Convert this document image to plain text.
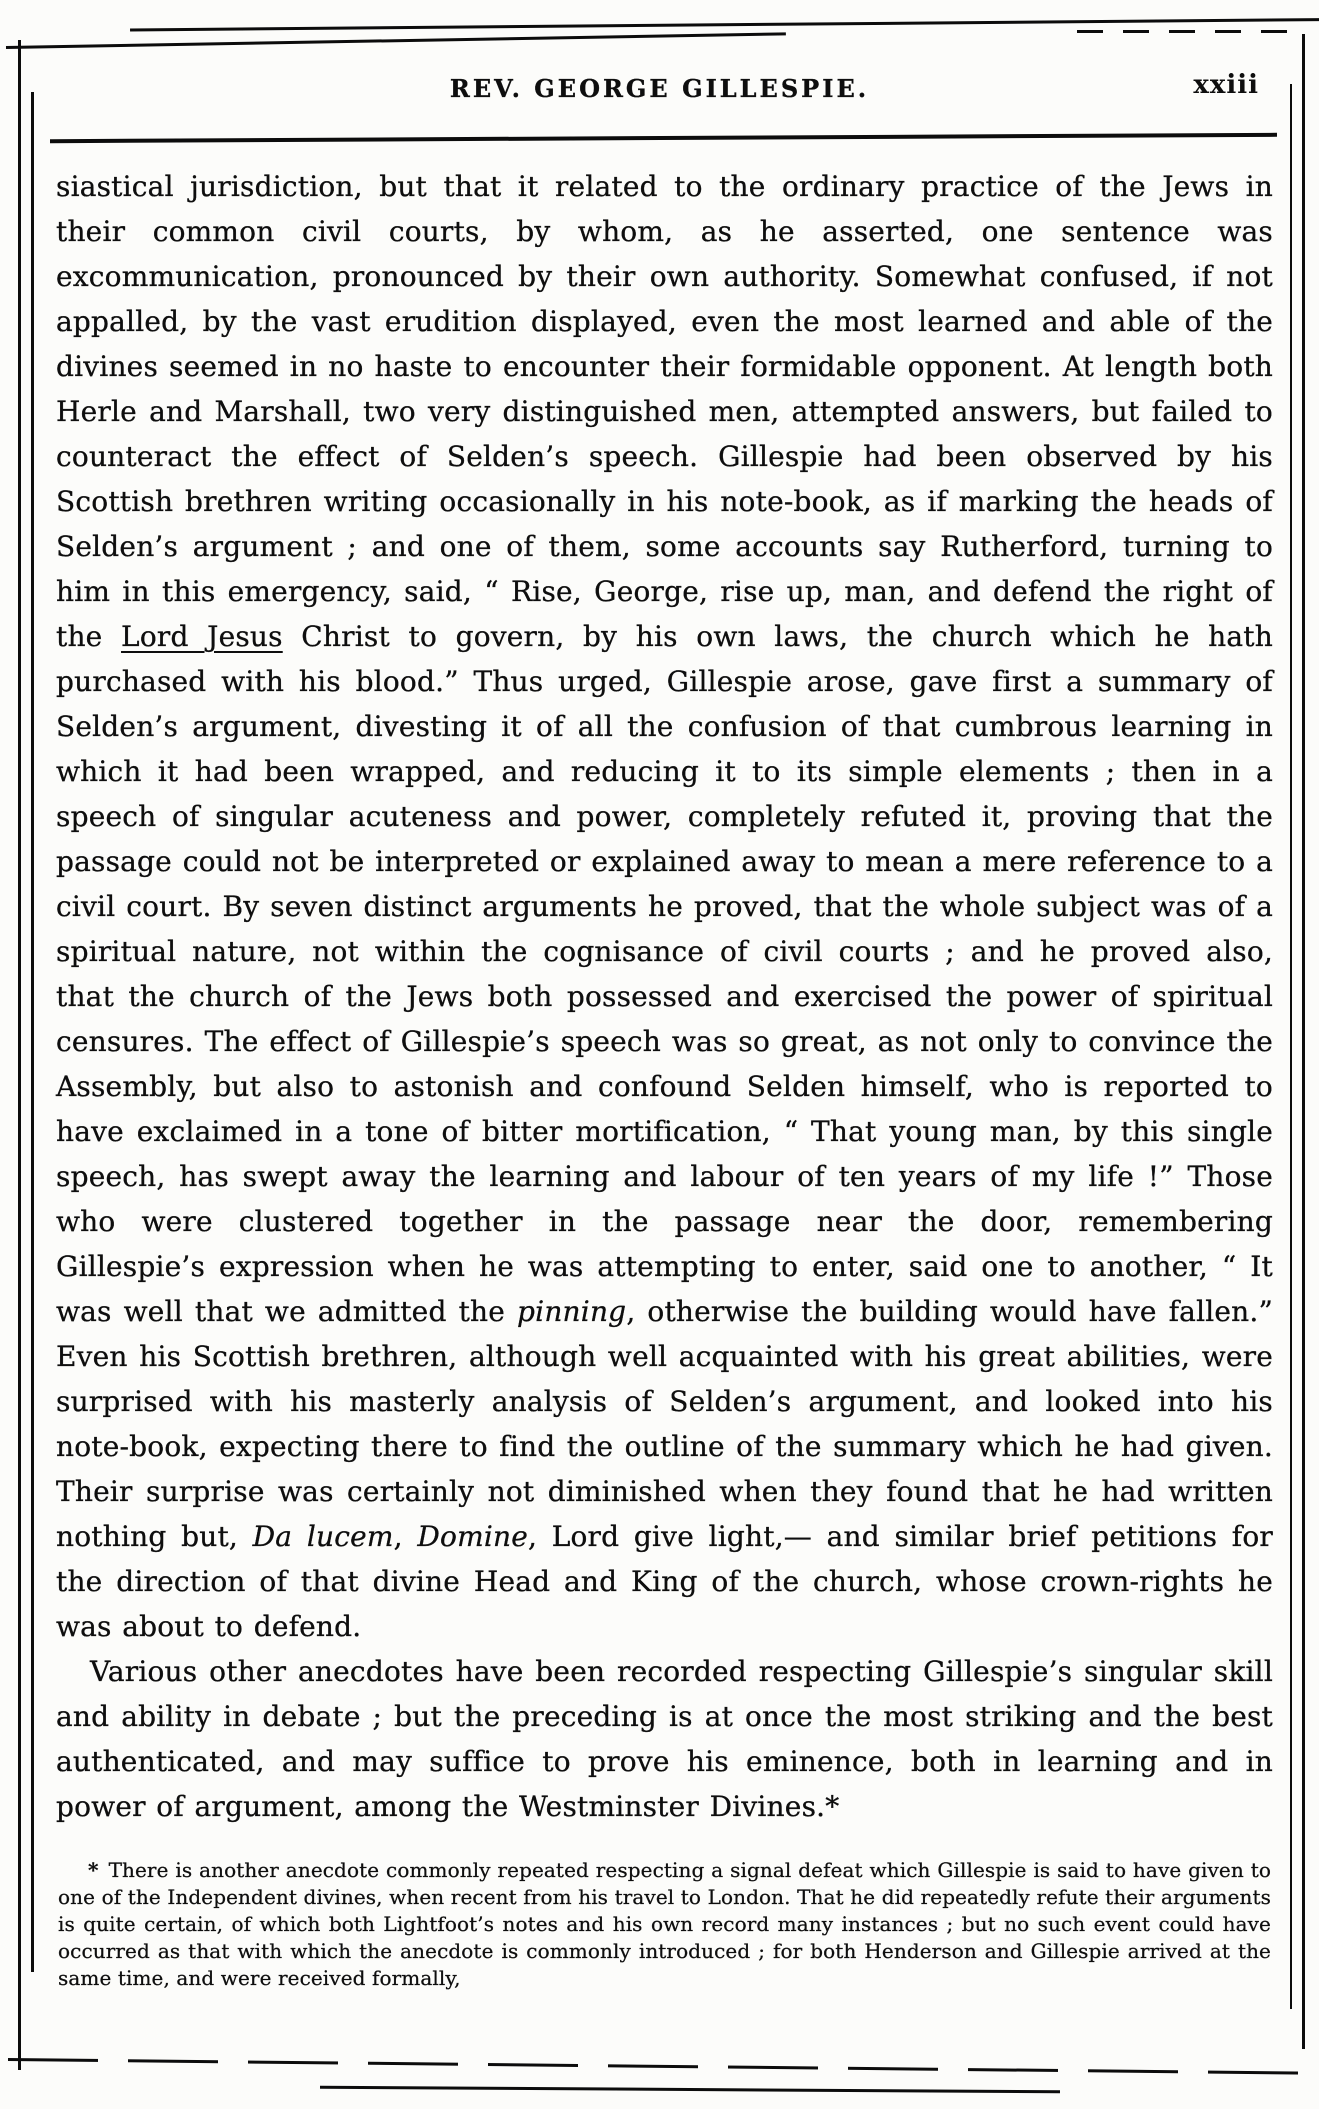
REV. GEORGE GILLESPIE.	xxiii

siastical jurisdiction, but that it related to the ordinary practice of the Jews in their common civil courts, by whom, as he asserted, one sentence was excommunication, pronounced by their own authority. Somewhat confused, if not appalled, by the vast erudition displayed, even the most learned and able of the divines seemed in no haste to encounter their formidable opponent. At length both Herle and Marshall, two very distinguished men, attempted answers, but failed to counteract the effect of Selden’s speech. Gillespie had been observed by his Scottish brethren writing occasionally in his note-book, as if marking the heads of Selden’s argument ; and one of them, some accounts say Rutherford, turning to him in this emergency, said, “ Rise, George, rise up, man, and defend the right of the Lord Jesus Christ to govern, by his own laws, the church which he hath purchased with his blood.” Thus urged, Gillespie arose, gave first a summary of Selden’s argument, divesting it of all the confusion of that cumbrous learning in which it had been wrapped, and reducing it to its simple elements ; then in a speech of singular acuteness and power, completely refuted it, proving that the passage could not be interpreted or explained away to mean a mere reference to a civil court. By seven distinct arguments he proved, that the whole subject was of a spiritual nature, not within the cognisance of civil courts ; and he proved also, that the church of the Jews both possessed and exercised the power of spiritual censures. The effect of Gillespie’s speech was so great, as not only to convince the Assembly, but also to astonish and confound Selden himself, who is reported to have exclaimed in a tone of bitter mortification, “ That young man, by this single speech, has swept away the learning and labour of ten years of my life !” Those who were clustered together in the passage near the door, remembering Gillespie’s expression when he was attempting to enter, said one to another, “ It was well that we admitted the pinning, otherwise the building would have fallen.” Even his Scottish brethren, although well acquainted with his great abilities, were surprised with his masterly analysis of Selden’s argument, and looked into his note-book, expecting there to find the outline of the summary which he had given. Their surprise was certainly not diminished when they found that he had written nothing but, Da lucem, Domine, Lord give light,— and similar brief petitions for the direction of that divine Head and King of the church, whose crown-rights he was about to defend.

Various other anecdotes have been recorded respecting Gillespie’s singular skill and ability in debate ; but the preceding is at once the most striking and the best authenticated, and may suffice to prove his eminence, both in learning and in power of argument, among the Westminster Divines.*

* There is another anecdote commonly repeated respecting a signal defeat which Gillespie is said to have given to one of the Independent divines, when recent from his travel to London. That he did repeatedly refute their arguments is quite certain, of which both Lightfoot’s notes and his own record many instances ; but no such event could have occurred as that with which the anecdote is commonly introduced ; for both Henderson and Gillespie arrived at the same time, and were received formally,
